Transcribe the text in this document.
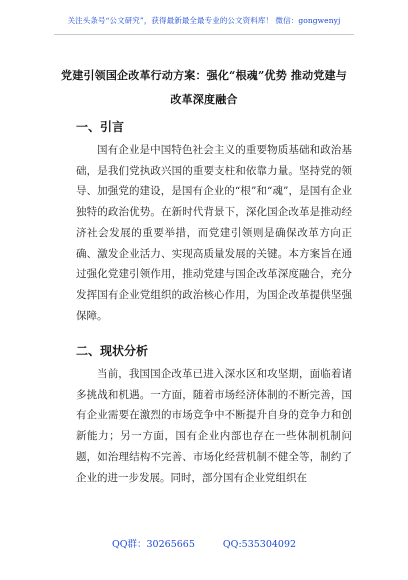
关注头条号“公文研究”，获得最新最全最专业的公文资料库！ 微信：gongwenyj
党建引领国企改革行动方案：强化“根魂”优势 推动党建与改革深度融合
一、引言

国有企业是中国特色社会主义的重要物质基础和政治基础，是我们党执政兴国的重要支柱和依靠力量。坚持党的领导、加强党的建设，是国有企业的“根”和“魂”，是国有企业独特的政治优势。在新时代背景下，深化国企改革是推动经济社会发展的重要举措，而党建引领则是确保改革方向正确、激发企业活力、实现高质量发展的关键。本方案旨在通过强化党建引领作用，推动党建与国企改革深度融合，充分发挥国有企业党组织的政治核心作用，为国企改革提供坚强保障。

二、现状分析

当前，我国国企改革已进入深水区和攻坚期，面临着诸多挑战和机遇。一方面，随着市场经济体制的不断完善，国有企业需要在激烈的市场竞争中不断提升自身的竞争力和创新能力；另一方面，国有企业内部也存在一些体制机制问题，如治理结构不完善、市场化经营机制不健全等，制约了企业的进一步发展。同时，部分国有企业党组织在

QQ群：30265665	QQ:535304092
